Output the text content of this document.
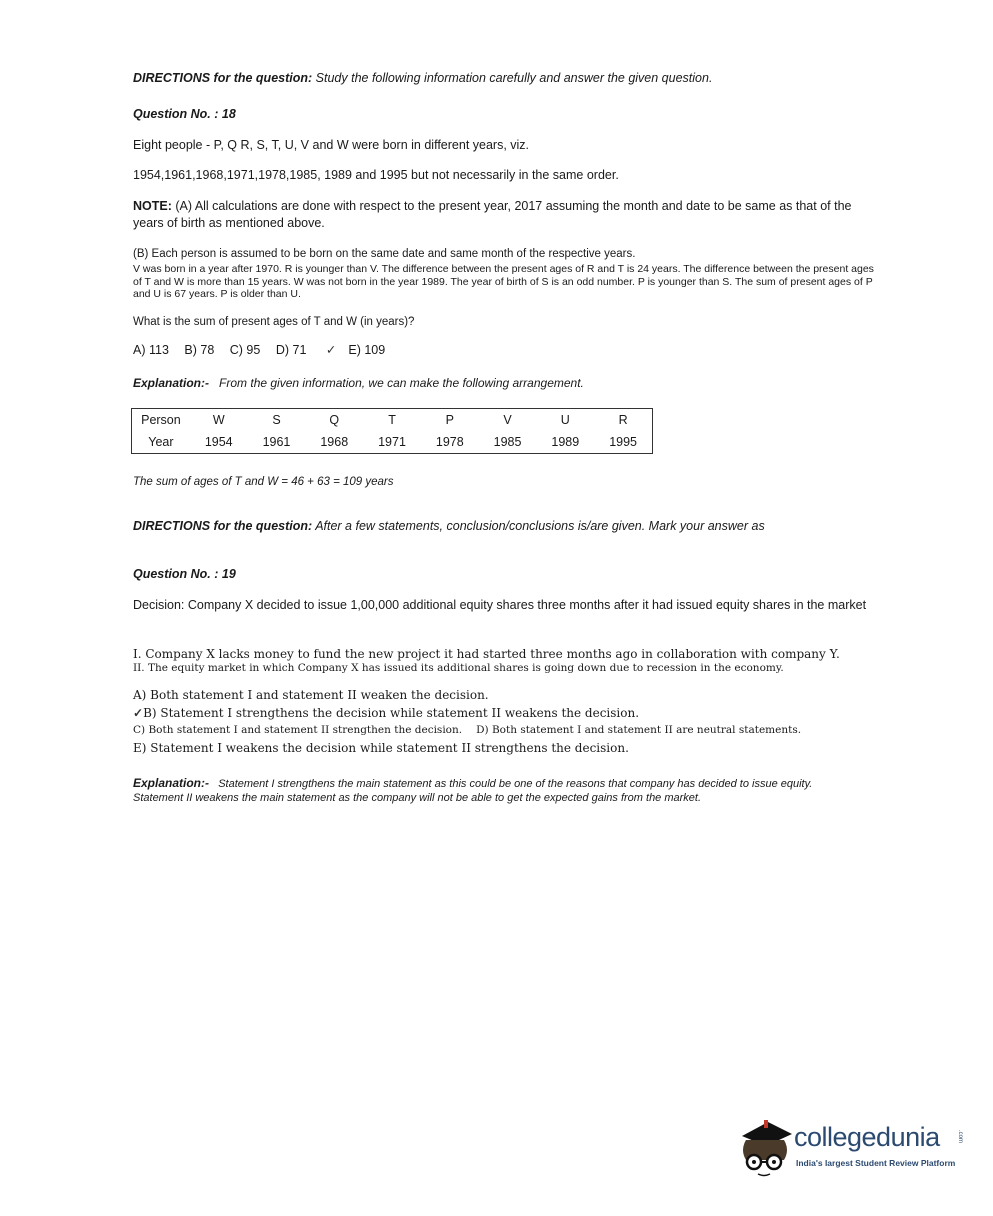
DIRECTIONS for the question: Study the following information carefully and answer the given question.
Question No. : 18
Eight people - P, Q R, S, T, U, V and W were born in different years, viz.
1954,1961,1968,1971,1978,1985, 1989 and 1995 but not necessarily in the same order.
NOTE: (A) All calculations are done with respect to the present year, 2017 assuming the month and date to be same as that of the years of birth as mentioned above.
(B) Each person is assumed to be born on the same date and same month of the respective years.
V was born in a year after 1970. R is younger than V. The difference between the present ages of R and T is 24 years. The difference between the present ages of T and W is more than 15 years. W was not born in the year 1989. The year of birth of S is an odd number. P is younger than S. The sum of present ages of P and U is 67 years. P is older than U.
What is the sum of present ages of T and W (in years)?
A) 113 B) 78 C) 95 D) 71 ✓ E) 109
Explanation:- From the given information, we can make the following arrangement.
Person	W	S	Q	T	P	V	U	R
Year	1954	1961	1968	1971	1978	1985	1989	1995
The sum of ages of T and W = 46 + 63 = 109 years
DIRECTIONS for the question: After a few statements, conclusion/conclusions is/are given. Mark your answer as
Question No. : 19
Decision: Company X decided to issue 1,00,000 additional equity shares three months after it had issued equity shares in the market
I. Company X lacks money to fund the new project it had started three months ago in collaboration with company Y.
II. The equity market in which Company X has issued its additional shares is going down due to recession in the economy.
A) Both statement I and statement II weaken the decision.
✓B) Statement I strengthens the decision while statement II weakens the decision.
C) Both statement I and statement II strengthen the decision. D) Both statement I and statement II are neutral statements.
E) Statement I weakens the decision while statement II strengthens the decision.
Explanation:- Statement I strengthens the main statement as this could be one of the reasons that company has decided to issue equity.
Statement II weakens the main statement as the company will not be able to get the expected gains from the market.
collegedunia	.com
India's largest Student Review Platform
